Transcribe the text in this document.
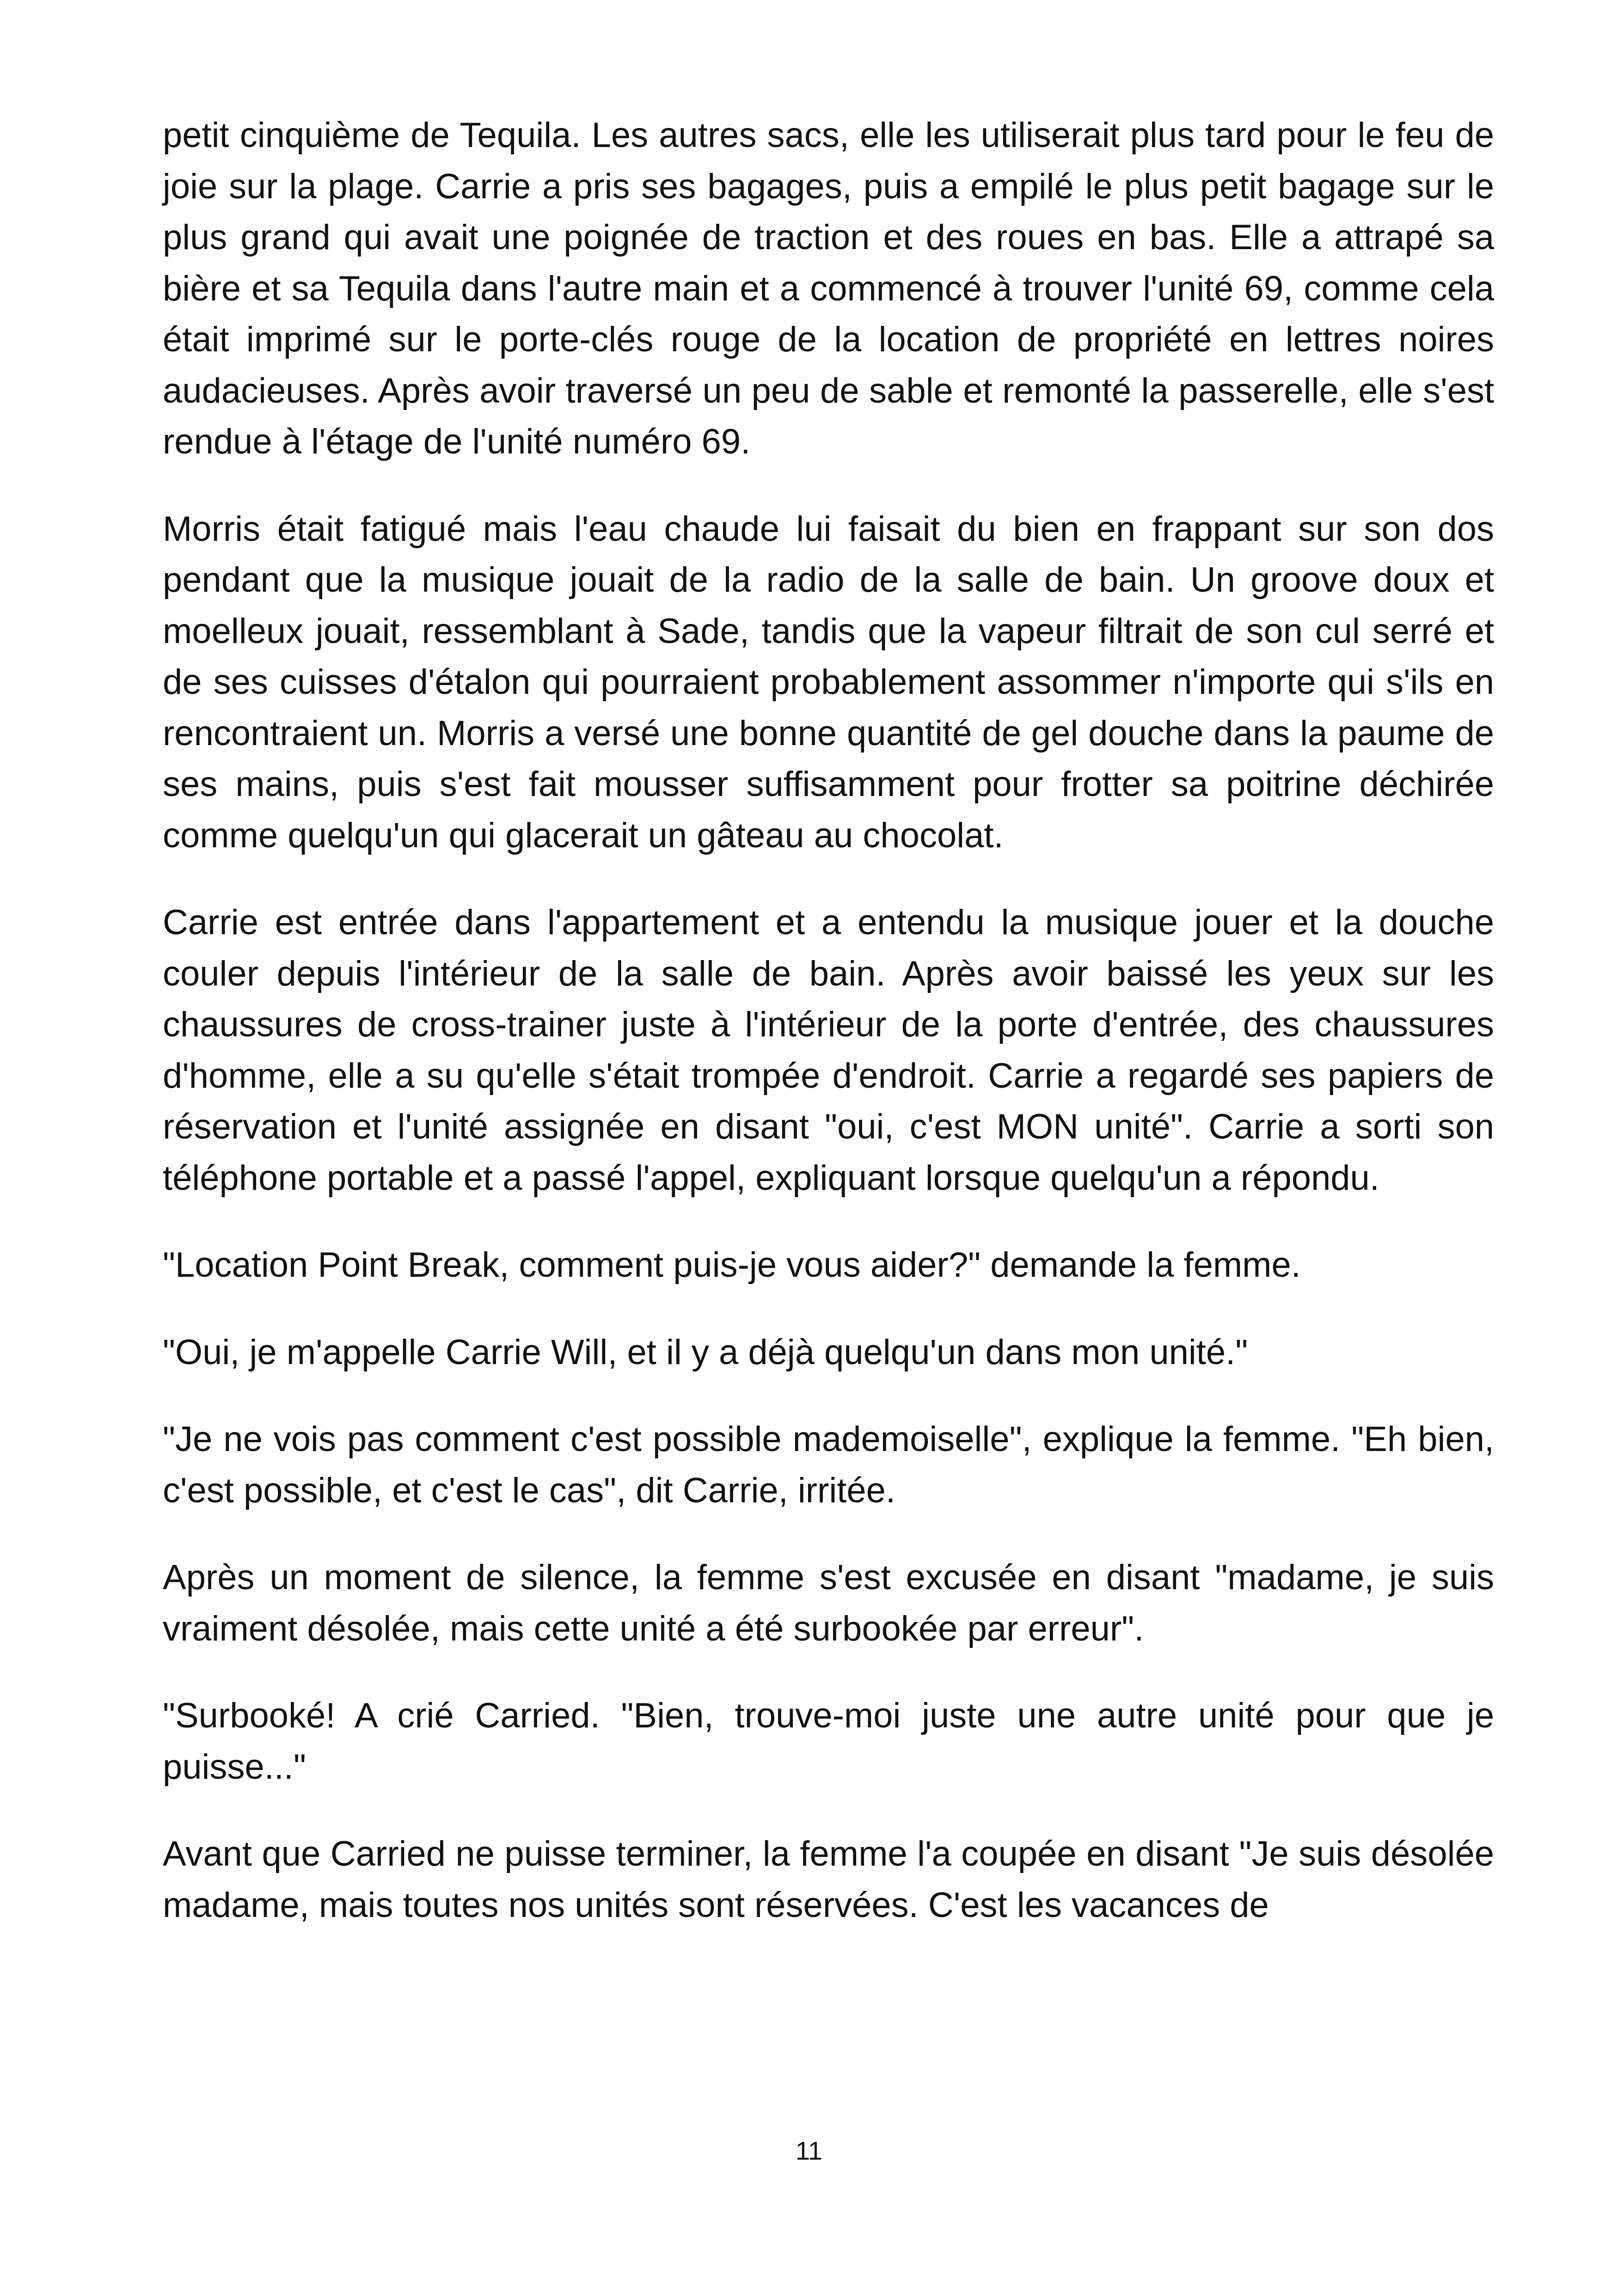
petit cinquième de Tequila. Les autres sacs, elle les utiliserait plus tard pour le feu de joie sur la plage. Carrie a pris ses bagages, puis a empilé le plus petit bagage sur le plus grand qui avait une poignée de traction et des roues en bas. Elle a attrapé sa bière et sa Tequila dans l'autre main et a commencé à trouver l'unité 69, comme cela était imprimé sur le porte-clés rouge de la location de propriété en lettres noires audacieuses. Après avoir traversé un peu de sable et remonté la passerelle, elle s'est rendue à l'étage de l'unité numéro 69.

Morris était fatigué mais l'eau chaude lui faisait du bien en frappant sur son dos pendant que la musique jouait de la radio de la salle de bain. Un groove doux et moelleux jouait, ressemblant à Sade, tandis que la vapeur filtrait de son cul serré et de ses cuisses d'étalon qui pourraient probablement assommer n'importe qui s'ils en rencontraient un. Morris a versé une bonne quantité de gel douche dans la paume de ses mains, puis s'est fait mousser suffisamment pour frotter sa poitrine déchirée comme quelqu'un qui glacerait un gâteau au chocolat.

Carrie est entrée dans l'appartement et a entendu la musique jouer et la douche couler depuis l'intérieur de la salle de bain. Après avoir baissé les yeux sur les chaussures de cross-trainer juste à l'intérieur de la porte d'entrée, des chaussures d'homme, elle a su qu'elle s'était trompée d'endroit. Carrie a regardé ses papiers de réservation et l'unité assignée en disant "oui, c'est MON unité". Carrie a sorti son téléphone portable et a passé l'appel, expliquant lorsque quelqu'un a répondu.

"Location Point Break, comment puis-je vous aider?" demande la femme.

"Oui, je m'appelle Carrie Will, et il y a déjà quelqu'un dans mon unité."

"Je ne vois pas comment c'est possible mademoiselle", explique la femme. "Eh bien, c'est possible, et c'est le cas", dit Carrie, irritée.

Après un moment de silence, la femme s'est excusée en disant "madame, je suis vraiment désolée, mais cette unité a été surbookée par erreur".

"Surbooké! A crié Carried. "Bien, trouve-moi juste une autre unité pour que je puisse..."

Avant que Carried ne puisse terminer, la femme l'a coupée en disant "Je suis désolée madame, mais toutes nos unités sont réservées. C'est les vacances de

11
